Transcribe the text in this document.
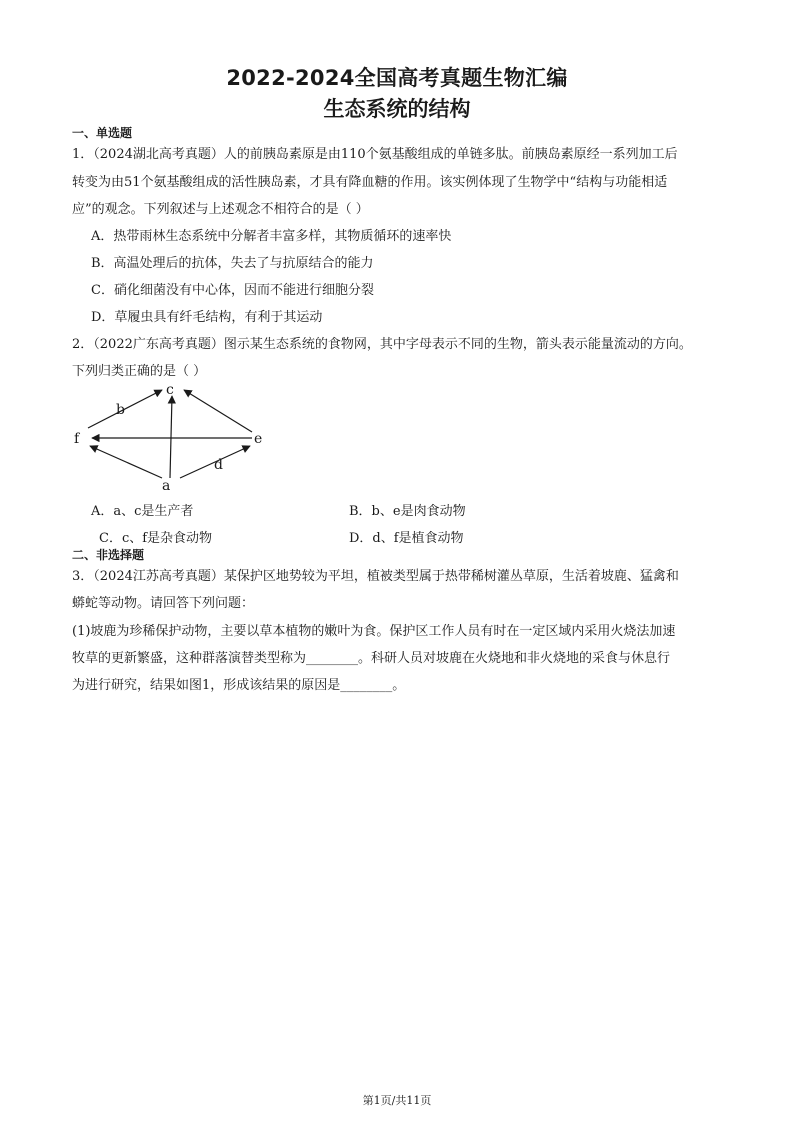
2022-2024全国高考真题生物汇编
生态系统的结构
一、单选题
1．（2024湖北高考真题）人的前胰岛素原是由110个氨基酸组成的单链多肽。前胰岛素原经一系列加工后
转变为由51个氨基酸组成的活性胰岛素，才具有降血糖的作用。该实例体现了生物学中“结构与功能相适
应”的观念。下列叙述与上述观念不相符合的是（ ）
A．热带雨林生态系统中分解者丰富多样，其物质循环的速率快
B．高温处理后的抗体，失去了与抗原结合的能力
C．硝化细菌没有中心体，因而不能进行细胞分裂
D．草履虫具有纤毛结构，有利于其运动
2．（2022广东高考真题）图示某生态系统的食物网，其中字母表示不同的生物，箭头表示能量流动的方向。
下列归类正确的是（ ）
c
b
f	e
d
a
A．a、c是生产者	B．b、e是肉食动物
C．c、f是杂食动物	D．d、f是植食动物
二、非选择题
3．（2024江苏高考真题）某保护区地势较为平坦，植被类型属于热带稀树灌丛草原，生活着坡鹿、猛禽和
蟒蛇等动物。请回答下列问题：
(1)坡鹿为珍稀保护动物，主要以草本植物的嫩叶为食。保护区工作人员有时在一定区域内采用火烧法加速
牧草的更新繁盛，这种群落演替类型称为________。科研人员对坡鹿在火烧地和非火烧地的采食与休息行
为进行研究，结果如图1，形成该结果的原因是________。
第1页/共11页
